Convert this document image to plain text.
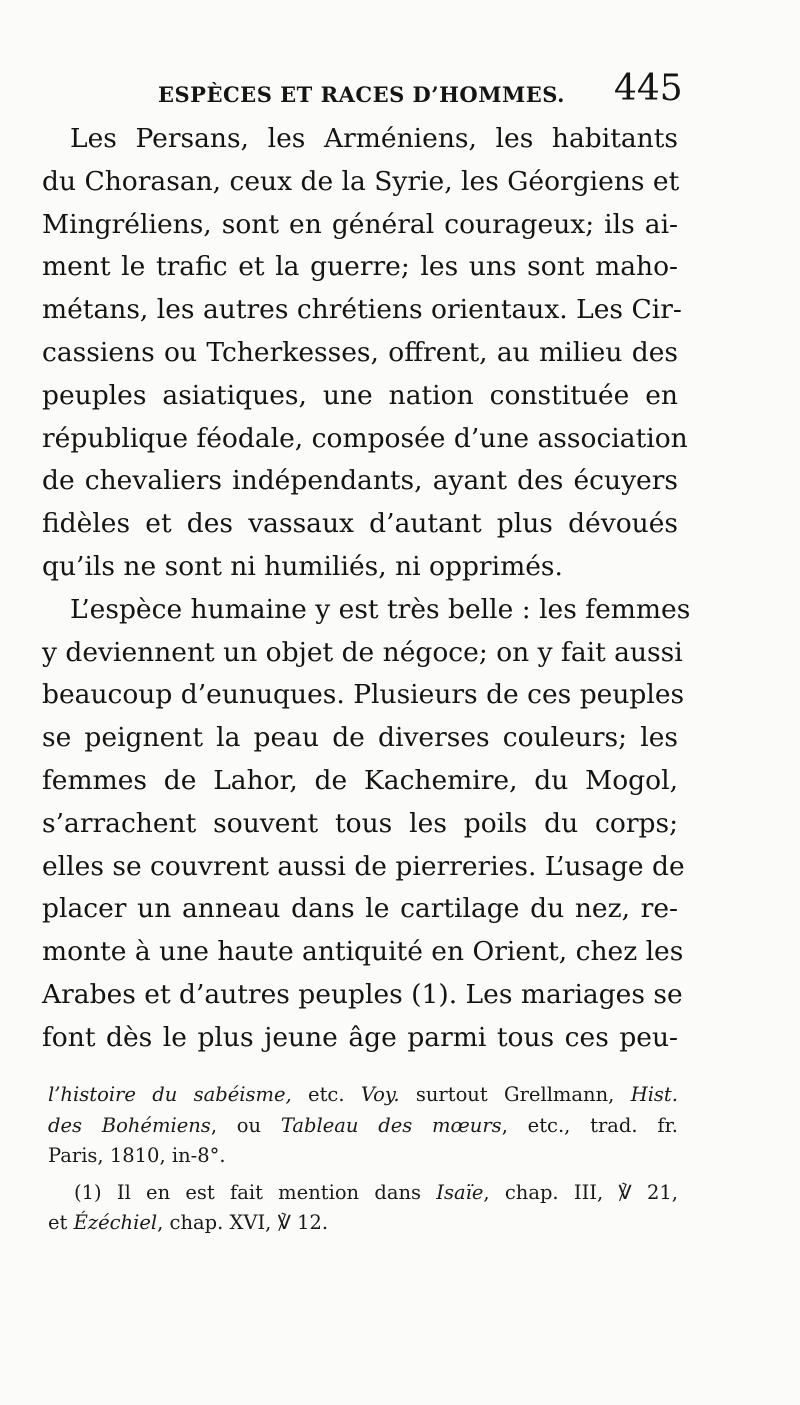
ESPÈCES ET RACES D’HOMMES. 445
Les Persans, les Arméniens, les habitants
du Chorasan, ceux de la Syrie, les Géorgiens et
Mingréliens, sont en général courageux; ils ai-
ment le trafic et la guerre; les uns sont maho-
métans, les autres chrétiens orientaux. Les Cir-
cassiens ou Tcherkesses, offrent, au milieu des
peuples asiatiques, une nation constituée en
république féodale, composée d’une association
de chevaliers indépendants, ayant des écuyers
fidèles et des vassaux d’autant plus dévoués
qu’ils ne sont ni humiliés, ni opprimés.
L’espèce humaine y est très belle : les femmes
y deviennent un objet de négoce; on y fait aussi
beaucoup d’eunuques. Plusieurs de ces peuples
se peignent la peau de diverses couleurs; les
femmes de Lahor, de Kachemire, du Mogol,
s’arrachent souvent tous les poils du corps;
elles se couvrent aussi de pierreries. L’usage de
placer un anneau dans le cartilage du nez, re-
monte à une haute antiquité en Orient, chez les
Arabes et d’autres peuples (1). Les mariages se
font dès le plus jeune âge parmi tous ces peu-
l’histoire du sabéisme, etc. Voy. surtout Grellmann, Hist.
des Bohémiens, ou Tableau des mœurs, etc., trad. fr.
Paris, 1810, in-8°.
(1) Il en est fait mention dans Isaïe, chap. III, ℣ 21,
et Ézéchiel, chap. XVI, ℣ 12.
